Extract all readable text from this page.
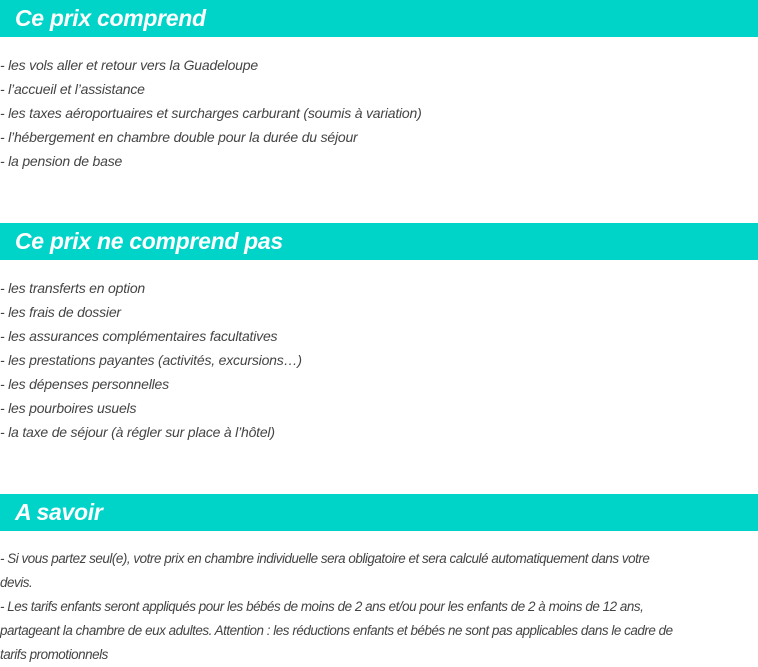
Ce prix comprend
- les vols aller et retour vers la Guadeloupe
- l’accueil et l’assistance
- les taxes aéroportuaires et surcharges carburant (soumis à variation)
- l’hébergement en chambre double pour la durée du séjour
- la pension de base
Ce prix ne comprend pas
- les transferts en option
- les frais de dossier
- les assurances complémentaires facultatives
- les prestations payantes (activités, excursions…)
- les dépenses personnelles
- les pourboires usuels
- la taxe de séjour (à régler sur place à l’hôtel)
A savoir
- Si vous partez seul(e), votre prix en chambre individuelle sera obligatoire et sera calculé automatiquement dans votre
devis.
- Les tarifs enfants seront appliqués pour les bébés de moins de 2 ans et/ou pour les enfants de 2 à moins de 12 ans,
partageant la chambre de eux adultes. Attention : les réductions enfants et bébés ne sont pas applicables dans le cadre de
tarifs promotionnels
